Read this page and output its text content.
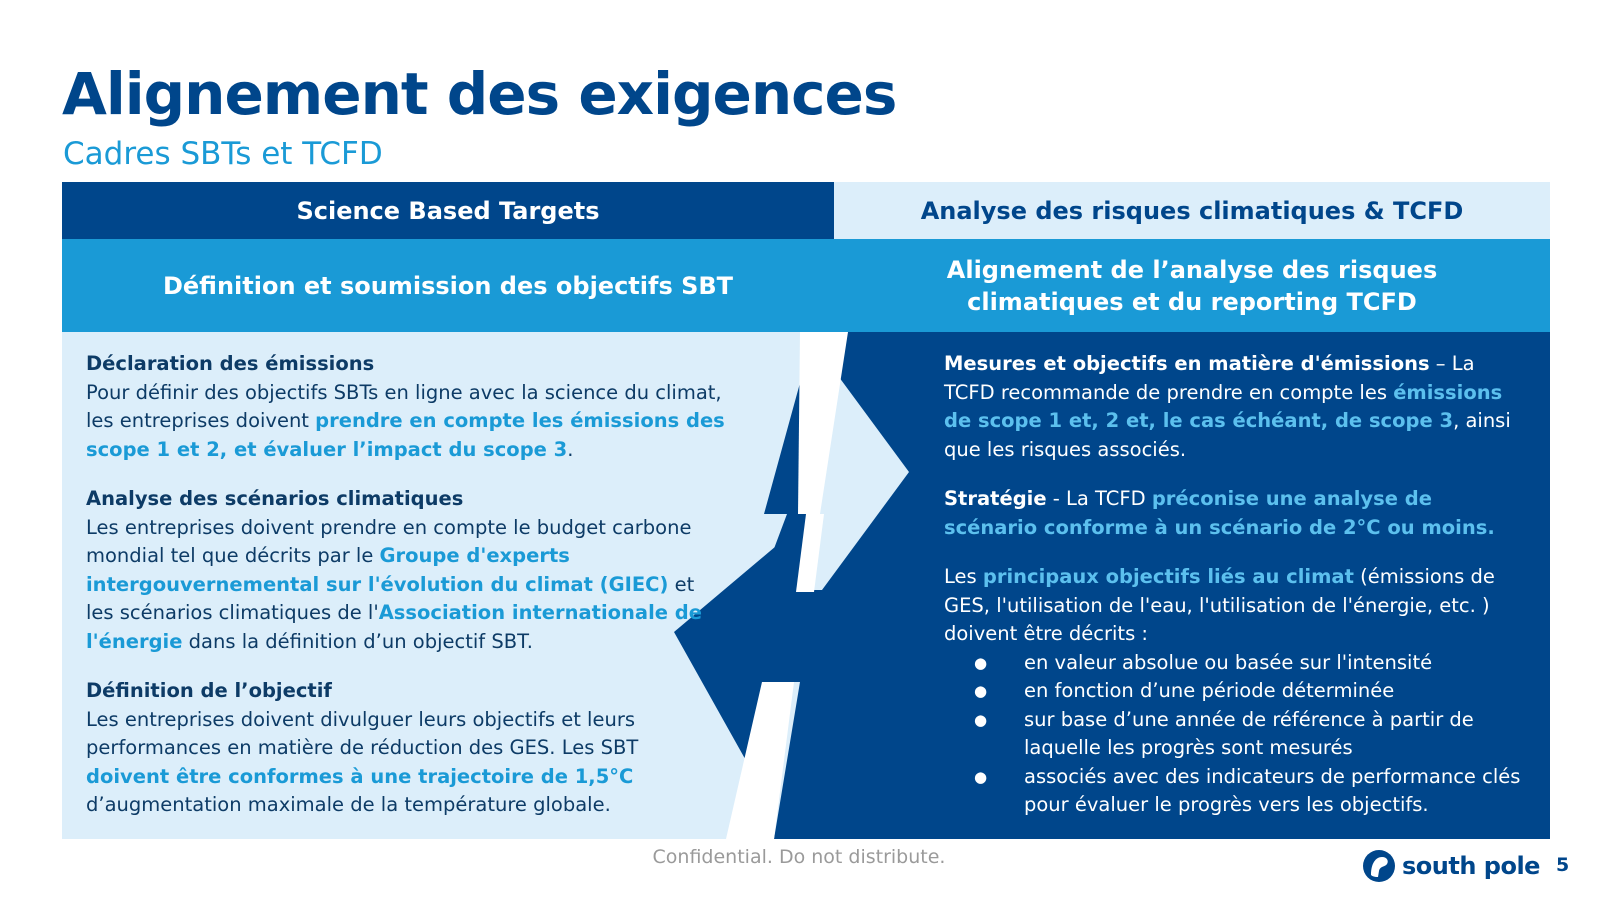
Alignement des exigences
Cadres SBTs et TCFD
Science Based Targets	Analyse des risques climatiques & TCFD
Définition et soumission des objectifs SBT
Alignement de l’analyse des risques
climatiques et du reporting TCFD

Déclaration des émissions
Pour définir des objectifs SBTs en ligne avec la science du climat, les entreprises doivent prendre en compte les émissions des scope 1 et 2, et évaluer l’impact du scope 3.

Analyse des scénarios climatiques
Les entreprises doivent prendre en compte le budget carbone mondial tel que décrits par le Groupe d'experts intergouvernemental sur l'évolution du climat (GIEC) et les scénarios climatiques de l'Association internationale de l'énergie dans la définition d’un objectif SBT.

Définition de l’objectif
Les entreprises doivent divulguer leurs objectifs et leurs performances en matière de réduction des GES. Les SBT doivent être conformes à une trajectoire de 1,5°C d’augmentation maximale de la température globale.

Mesures et objectifs en matière d'émissions – La TCFD recommande de prendre en compte les émissions de scope 1 et, 2 et, le cas échéant, de scope 3, ainsi que les risques associés.

Stratégie - La TCFD préconise une analyse de scénario conforme à un scénario de 2°C ou moins.

Les principaux objectifs liés au climat (émissions de GES, l'utilisation de l'eau, l'utilisation de l'énergie, etc. ) doivent être décrits :
● en valeur absolue ou basée sur l'intensité
● en fonction d’une période déterminée
● sur base d’une année de référence à partir de laquelle les progrès sont mesurés
● associés avec des indicateurs de performance clés pour évaluer le progrès vers les objectifs.
Confidential. Do not distribute.	south pole 5
